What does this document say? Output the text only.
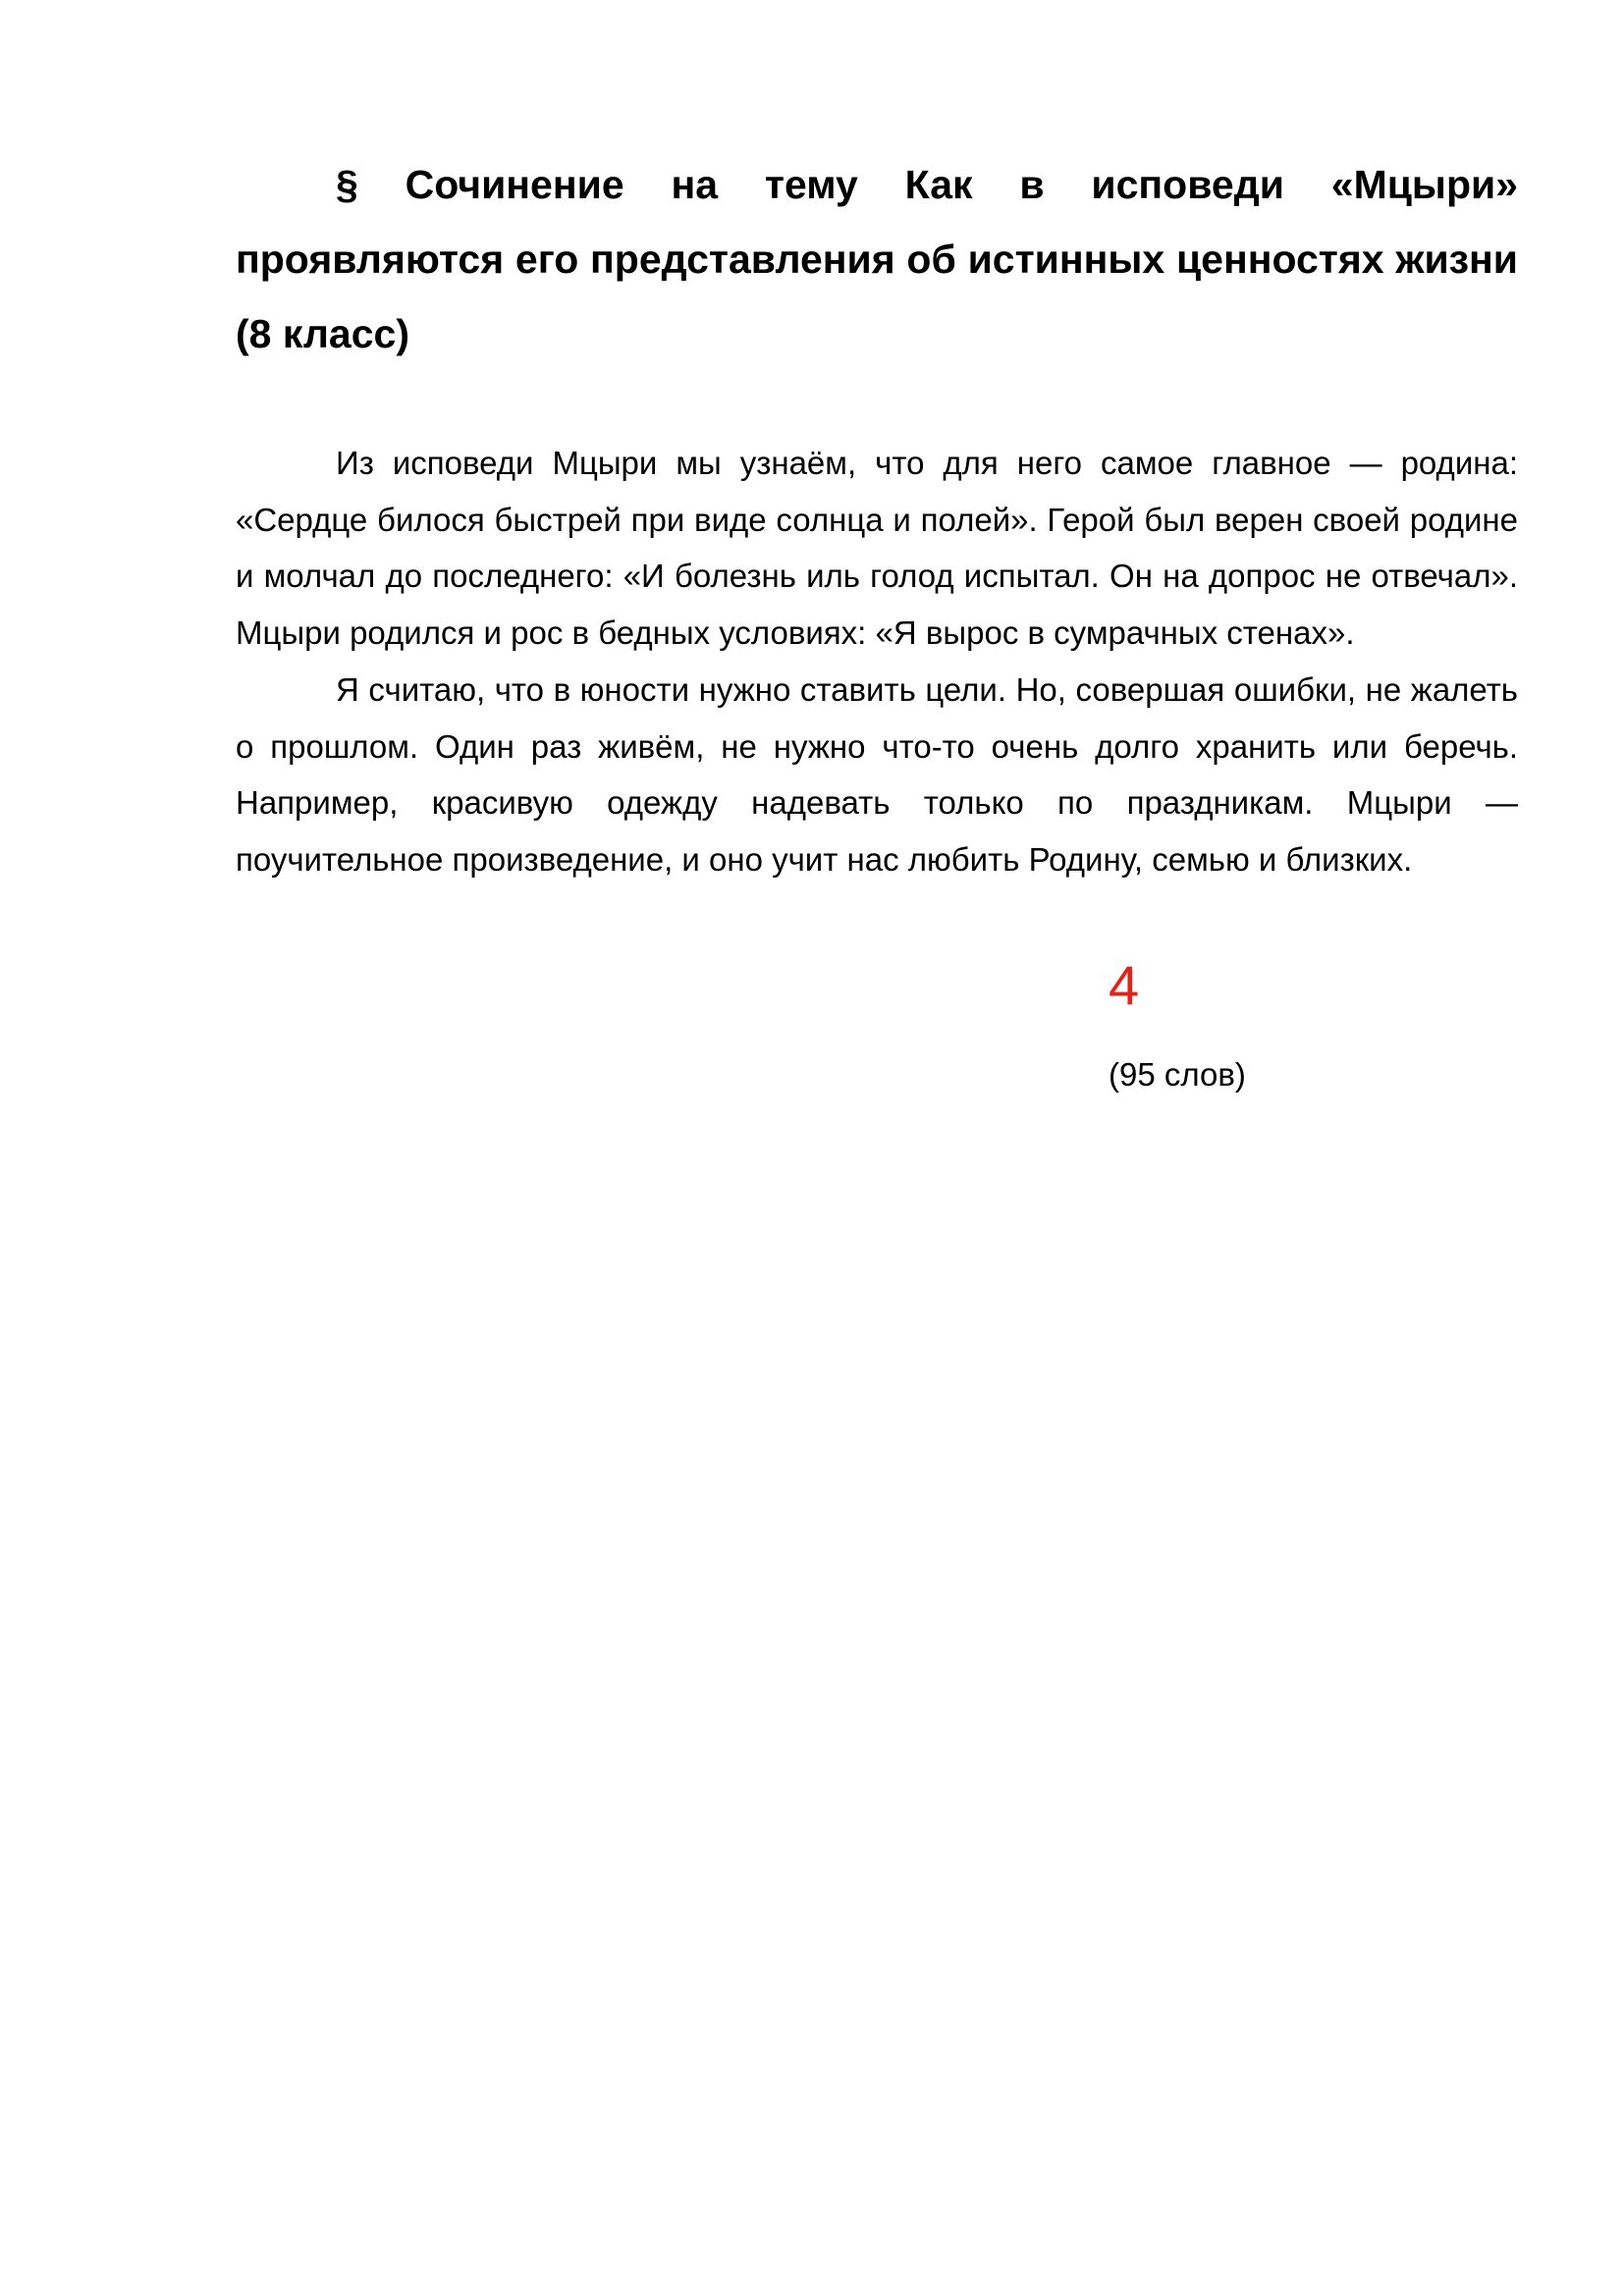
§ Сочинение на тему Как в исповеди «Мцыри» проявляются его представления об истинных ценностях жизни (8 класс)

Из исповеди Мцыри мы узнаём, что для него самое главное — родина: «Сердце билося быстрей при виде солнца и полей». Герой был верен своей родине и молчал до последнего: «И болезнь иль голод испытал. Он на допрос не отвечал». Мцыри родился и рос в бедных условиях: «Я вырос в сумрачных стенах».

Я считаю, что в юности нужно ставить цели. Но, совершая ошибки, не жалеть о прошлом. Один раз живём, не нужно что-то очень долго хранить или беречь. Например, красивую одежду надевать только по праздникам. Мцыри — поучительное произведение, и оно учит нас любить Родину, семью и близких.

4
(95 слов)
